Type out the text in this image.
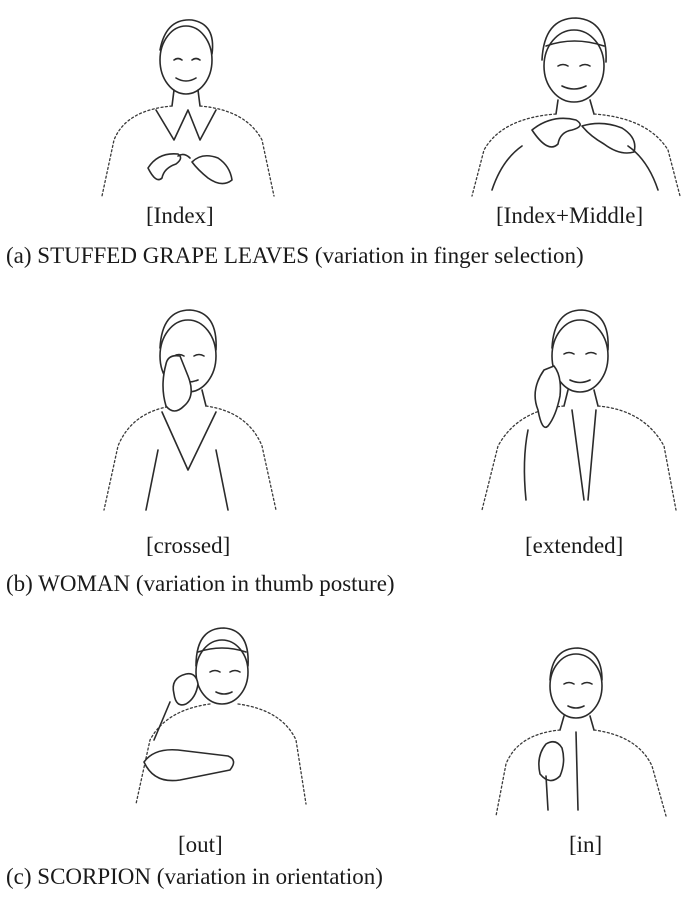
[Index]	[Index+Middle]
(a) STUFFED GRAPE LEAVES (variation in finger selection)
[crossed]	[extended]
(b) WOMAN (variation in thumb posture)
[out]	[in]
(c) SCORPION (variation in orientation)
